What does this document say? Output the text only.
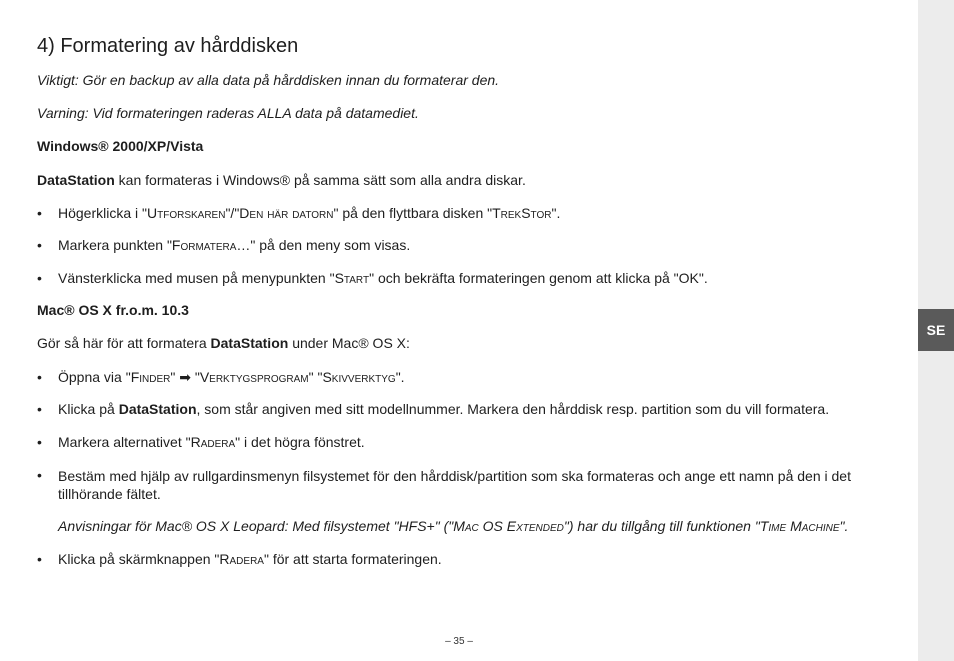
4) Formatering av hårddisken
Viktigt: Gör en backup av alla data på hårddisken innan du formaterar den.
Varning: Vid formateringen raderas ALLA data på datamediet.
Windows® 2000/XP/Vista
DataStation kan formateras i Windows® på samma sätt som alla andra diskar.
• Högerklicka i "Utforskaren"/"Den här datorn" på den flyttbara disken "TrekStor".
• Markera punkten "Formatera…" på den meny som visas.
• Vänsterklicka med musen på menypunkten "Start" och bekräfta formateringen genom att klicka på "OK".
Mac® OS X fr.o.m. 10.3
Gör så här för att formatera DataStation under Mac® OS X:
• Öppna via "Finder" ➡ "Verktygsprogram" "Skivverktyg".
• Klicka på DataStation, som står angiven med sitt modellnummer. Markera den hårddisk resp. partition som du vill formatera.
• Markera alternativet "Radera" i det högra fönstret.
• Bestäm med hjälp av rullgardinsmenyn filsystemet för den hårddisk/partition som ska formateras och ange ett namn på den i det tillhörande fältet.
Anvisningar för Mac® OS X Leopard: Med filsystemet "HFS+" ("Mac OS Extended") har du tillgång till funktionen "Time Machine".
• Klicka på skärmknappen "Radera" för att starta formateringen.
SE
– 35 –
